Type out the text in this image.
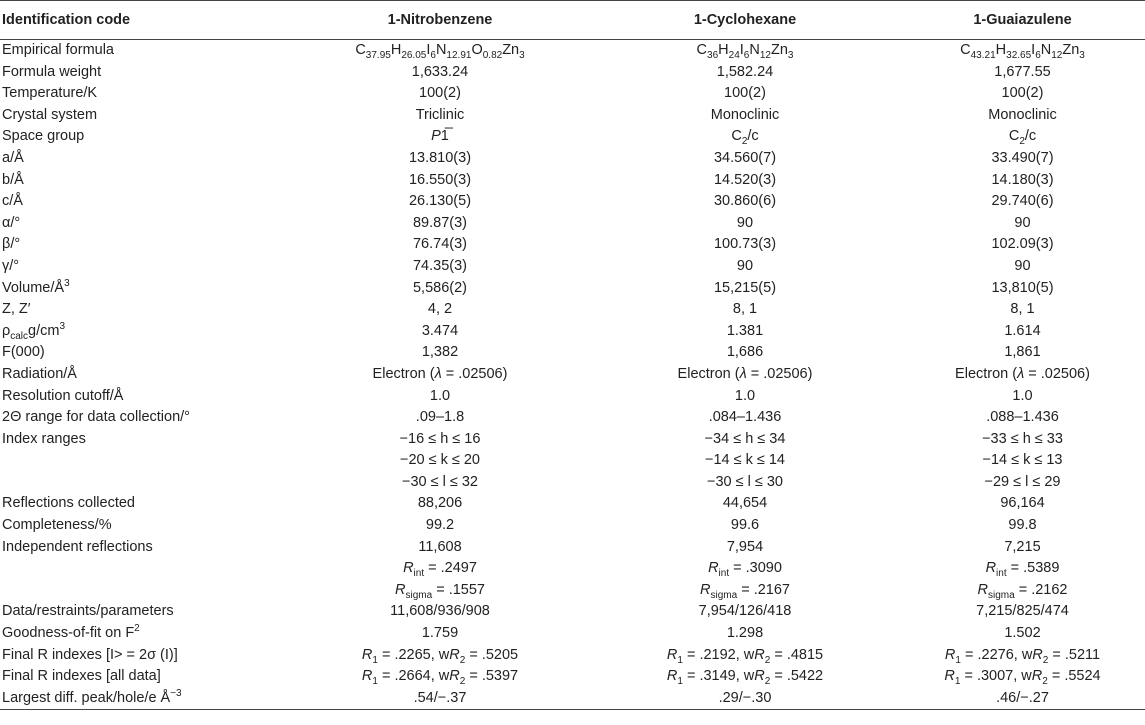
Identification code	1-Nitrobenzene	1-Cyclohexane	1-Guaiazulene
Empirical formula	$C_{37.95}H_{26.05}I_6N_{12.91}O_{0.82}Zn_3$	$C_{36}H_{24}I_6N_{12}Zn_3$	$C_{43.21}H_{32.65}I_6N_{12}Zn_3$
Formula weight	1,633.24	1,582.24	1,677.55
Temperature/K	100(2)	100(2)	100(2)
Crystal system	Triclinic	Monoclinic	Monoclinic
Space group	P1̅	$C_2/c$	$C_2/c$
a/Å	13.810(3)	34.560(7)	33.490(7)
b/Å	16.550(3)	14.520(3)	14.180(3)
c/Å	26.130(5)	30.860(6)	29.740(6)
α/°	89.87(3)	90	90
β/°	76.74(3)	100.73(3)	102.09(3)
γ/°	74.35(3)	90	90
Volume/$Å^3$	5,586(2)	15,215(5)	13,810(5)
Z, Z′	4, 2	8, 1	8, 1
$\rho_{calc}g/cm^3$	3.474	1.381	1.614
F(000)	1,382	1,686	1,861
Radiation/Å	Electron (λ = .02506)	Electron (λ = .02506)	Electron (λ = .02506)
Resolution cutoff/Å	1.0	1.0	1.0
2Θ range for data collection/°	.09–1.8	.084–1.436	.088–1.436
Index ranges	−16 ≤ h ≤ 16	−34 ≤ h ≤ 34	−33 ≤ h ≤ 33
	−20 ≤ k ≤ 20	−14 ≤ k ≤ 14	−14 ≤ k ≤ 13
	−30 ≤ l ≤ 32	−30 ≤ l ≤ 30	−29 ≤ l ≤ 29
Reflections collected	88,206	44,654	96,164
Completeness/%	99.2	99.6	99.8
Independent reflections	11,608	7,954	7,215
	$R_{int} = .2497$	$R_{int} = .3090$	$R_{int} = .5389$
	$R_{sigma} = .1557$	$R_{sigma} = .2167$	$R_{sigma} = .2162$
Data/restraints/parameters	11,608/936/908	7,954/126/418	7,215/825/474
Goodness-of-fit on $F^2$	1.759	1.298	1.502
Final R indexes [I> = 2σ (I)]	$R_1 = .2265$, $wR_2 = .5205$	$R_1 = .2192$, $wR_2 = .4815$	$R_1 = .2276$, $wR_2 = .5211$
Final R indexes [all data]	$R_1 = .2664$, $wR_2 = .5397$	$R_1 = .3149$, $wR_2 = .5422$	$R_1 = .3007$, $wR_2 = .5524$
Largest diff. peak/hole/e $Å^{-3}$	.54/−.37	.29/−.30	.46/−.27
